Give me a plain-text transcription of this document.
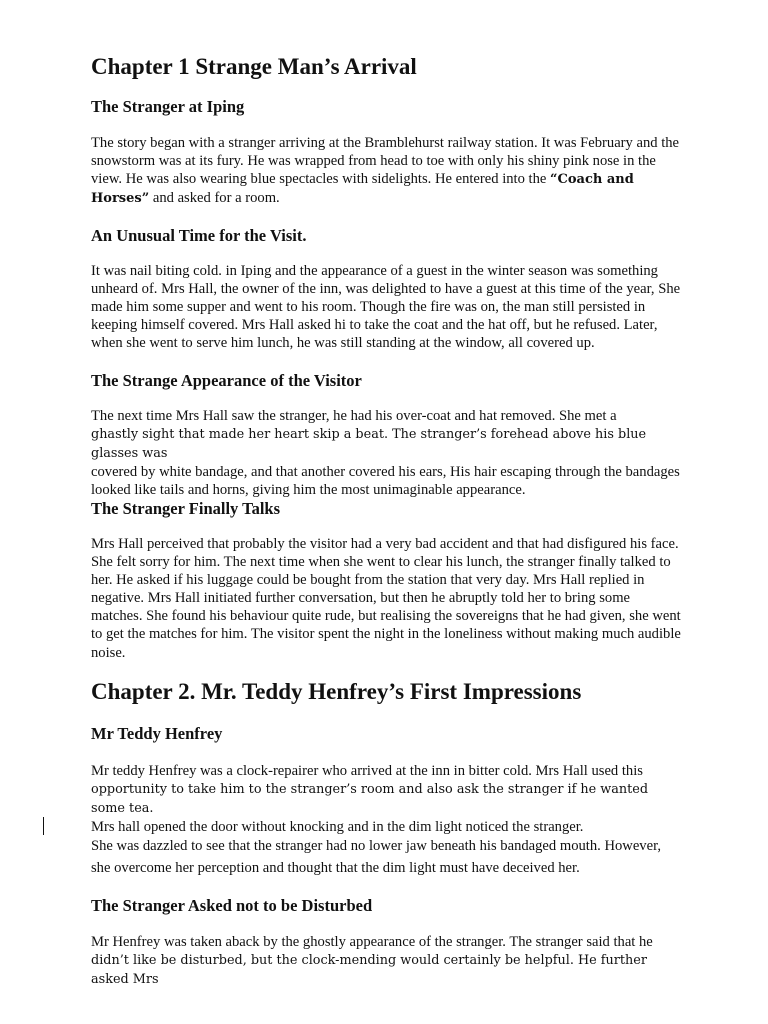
Chapter 1 Strange Man’s Arrival
The Stranger at Iping

The story began with a stranger arriving at the Bramblehurst railway station. It was February and the snowstorm was at its fury. He was wrapped from head to toe with only his shiny pink nose in the view. He was also wearing blue spectacles with sidelights. He entered into the “Coach and Horses” and asked for a room.

An Unusual Time for the Visit.

It was nail biting cold. in Iping and the appearance of a guest in the winter season was something unheard of. Mrs Hall, the owner of the inn, was delighted to have a guest at this time of the year, She made him some supper and went to his room. Though the fire was on, the man still persisted in keeping himself covered. Mrs Hall asked hi to take the coat and the hat off, but he refused. Later, when she went to serve him lunch, he was still standing at the window, all covered up.

The Strange Appearance of the Visitor

The next time Mrs Hall saw the stranger, he had his over-coat and hat removed. She met a
ghastly sight that made her heart skip a beat. The stranger’s forehead above his blue glasses was
covered by white bandage, and that another covered his ears, His hair escaping through the bandages looked like tails and horns, giving him the most unimaginable appearance.

The Stranger Finally Talks

Mrs Hall perceived that probably the visitor had a very bad accident and that had disfigured his face. She felt sorry for him. The next time when she went to clear his lunch, the stranger finally talked to her. He asked if his luggage could be bought from the station that very day. Mrs Hall replied in negative. Mrs Hall initiated further conversation, but then he abruptly told her to bring some matches. She found his behaviour quite rude, but realising the sovereigns that he had given, she went to get the matches for him. The visitor spent the night in the loneliness without making much audible noise.

Chapter 2. Mr. Teddy Henfrey’s First Impressions
Mr Teddy Henfrey

Mr teddy Henfrey was a clock-repairer who arrived at the inn in bitter cold. Mrs Hall used this
opportunity to take him to the stranger’s room and also ask the stranger if he wanted some tea.
Mrs hall opened the door without knocking and in the dim light noticed the stranger.

She was dazzled to see that the stranger had no lower jaw beneath his bandaged mouth. However, she overcome her perception and thought that the dim light must have deceived her.

The Stranger Asked not to be Disturbed

Mr Henfrey was taken aback by the ghostly appearance of the stranger. The stranger said that he
didn’t like be disturbed, but the clock-mending would certainly be helpful. He further asked Mrs
